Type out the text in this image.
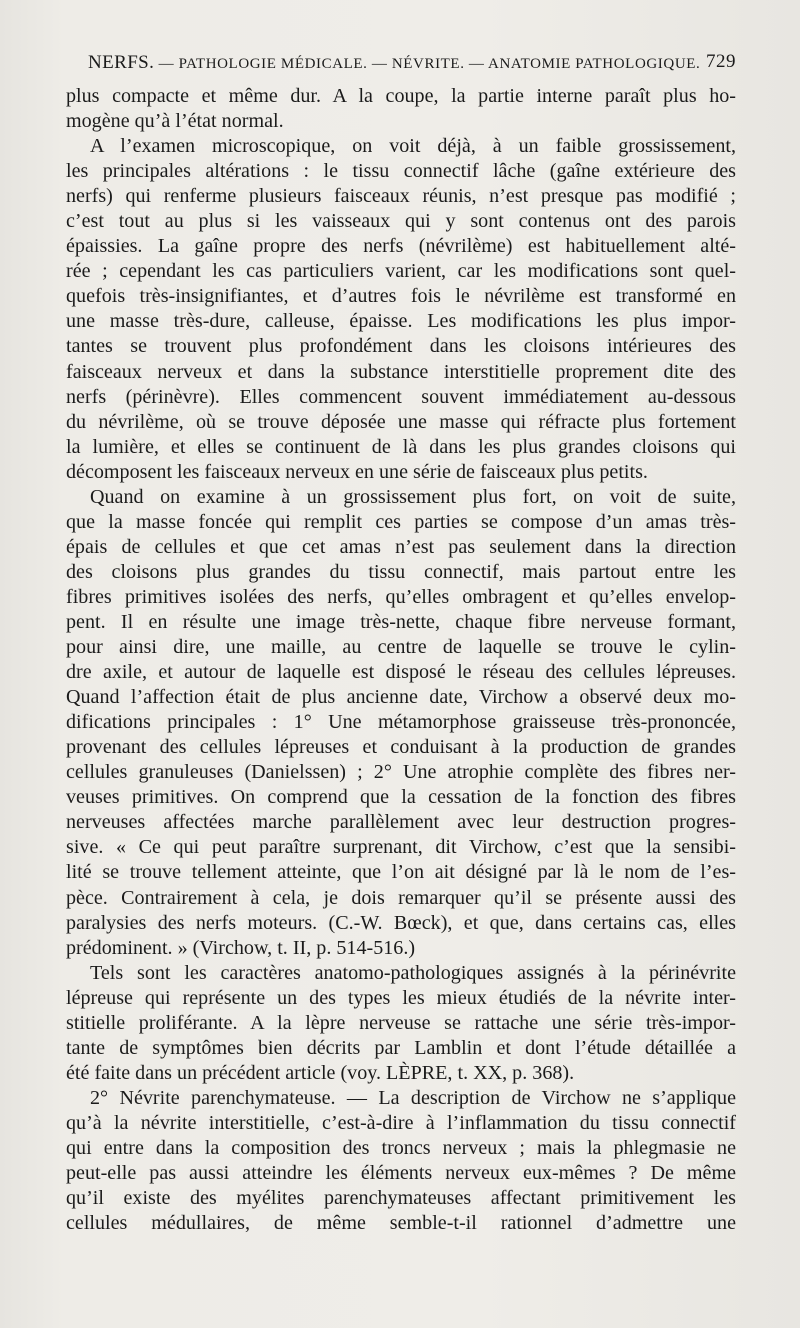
NERFS. — PATHOLOGIE MÉDICALE. — NÉVRITE. — ANATOMIE PATHOLOGIQUE. 729
plus compacte et même dur. A la coupe, la partie interne paraît plus ho-
mogène qu’à l’état normal.
A l’examen microscopique, on voit déjà, à un faible grossissement,
les principales altérations : le tissu connectif lâche (gaîne extérieure des
nerfs) qui renferme plusieurs faisceaux réunis, n’est presque pas modifié ;
c’est tout au plus si les vaisseaux qui y sont contenus ont des parois
épaissies. La gaîne propre des nerfs (névrilème) est habituellement alté-
rée ; cependant les cas particuliers varient, car les modifications sont quel-
quefois très-insignifiantes, et d’autres fois le névrilème est transformé en
une masse très-dure, calleuse, épaisse. Les modifications les plus impor-
tantes se trouvent plus profondément dans les cloisons intérieures des
faisceaux nerveux et dans la substance interstitielle proprement dite des
nerfs (périnèvre). Elles commencent souvent immédiatement au-dessous
du névrilème, où se trouve déposée une masse qui réfracte plus fortement
la lumière, et elles se continuent de là dans les plus grandes cloisons qui
décomposent les faisceaux nerveux en une série de faisceaux plus petits.
Quand on examine à un grossissement plus fort, on voit de suite,
que la masse foncée qui remplit ces parties se compose d’un amas très-
épais de cellules et que cet amas n’est pas seulement dans la direction
des cloisons plus grandes du tissu connectif, mais partout entre les
fibres primitives isolées des nerfs, qu’elles ombragent et qu’elles envelop-
pent. Il en résulte une image très-nette, chaque fibre nerveuse formant,
pour ainsi dire, une maille, au centre de laquelle se trouve le cylin-
dre axile, et autour de laquelle est disposé le réseau des cellules lépreuses.
Quand l’affection était de plus ancienne date, Virchow a observé deux mo-
difications principales : 1° Une métamorphose graisseuse très-prononcée,
provenant des cellules lépreuses et conduisant à la production de grandes
cellules granuleuses (Danielssen) ; 2° Une atrophie complète des fibres ner-
veuses primitives. On comprend que la cessation de la fonction des fibres
nerveuses affectées marche parallèlement avec leur destruction progres-
sive. « Ce qui peut paraître surprenant, dit Virchow, c’est que la sensibi-
lité se trouve tellement atteinte, que l’on ait désigné par là le nom de l’es-
pèce. Contrairement à cela, je dois remarquer qu’il se présente aussi des
paralysies des nerfs moteurs. (C.-W. Bœck), et que, dans certains cas, elles
prédominent. » (Virchow, t. II, p. 514-516.)
Tels sont les caractères anatomo-pathologiques assignés à la périnévrite
lépreuse qui représente un des types les mieux étudiés de la névrite inter-
stitielle proliférante. A la lèpre nerveuse se rattache une série très-impor-
tante de symptômes bien décrits par Lamblin et dont l’étude détaillée a
été faite dans un précédent article (voy. LÈPRE, t. XX, p. 368).
2° Névrite parenchymateuse. — La description de Virchow ne s’applique
qu’à la névrite interstitielle, c’est-à-dire à l’inflammation du tissu connectif
qui entre dans la composition des troncs nerveux ; mais la phlegmasie ne
peut-elle pas aussi atteindre les éléments nerveux eux-mêmes ? De même
qu’il existe des myélites parenchymateuses affectant primitivement les
cellules médullaires, de même semble-t-il rationnel d’admettre une
